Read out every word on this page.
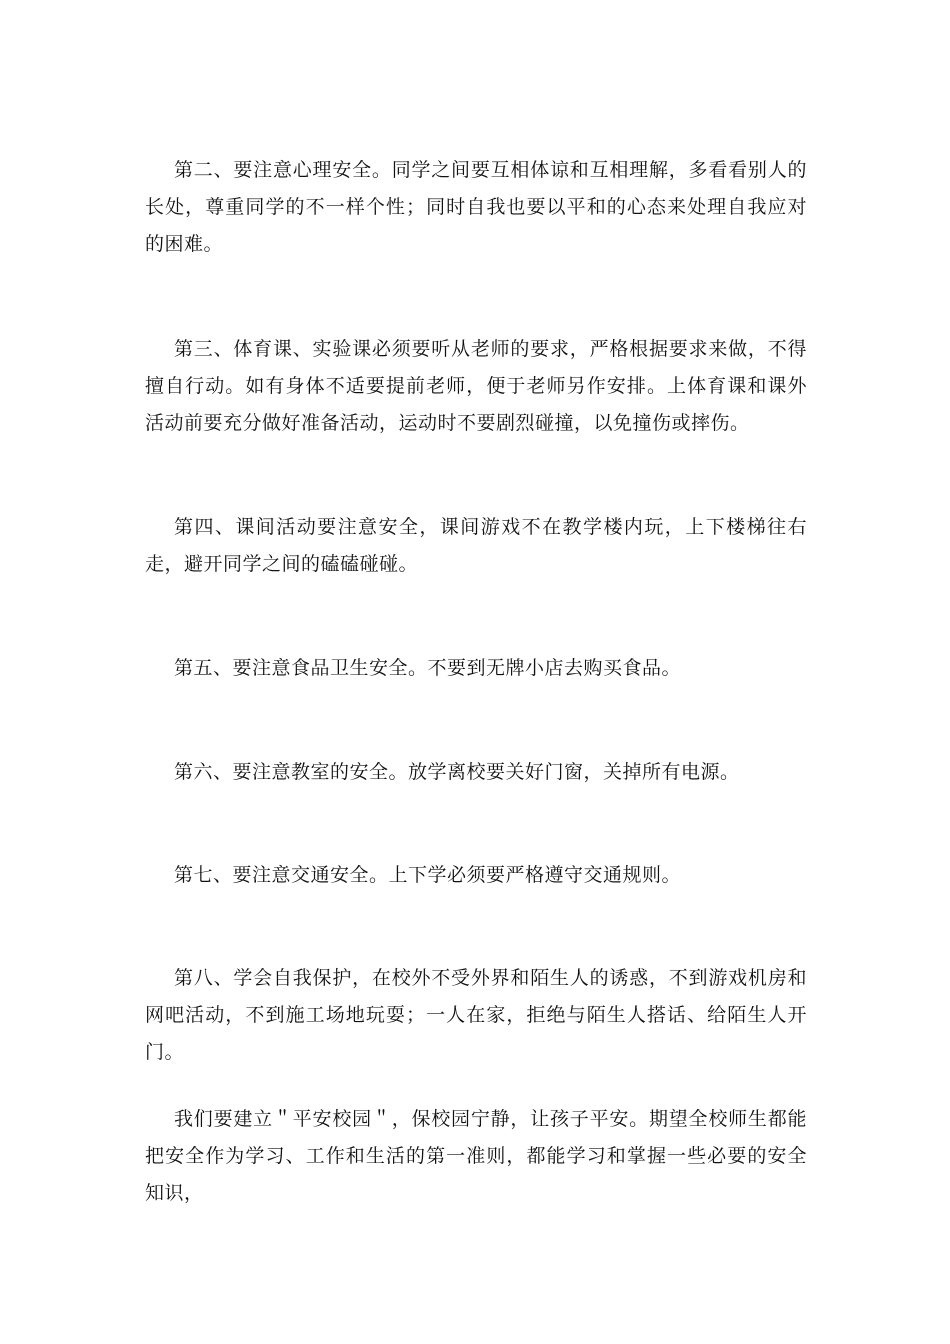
第二、要注意心理安全。同学之间要互相体谅和互相理解，多看看别人的长处，尊重同学的不一样个性；同时自我也要以平和的心态来处理自我应对的困难。

第三、体育课、实验课必须要听从老师的要求，严格根据要求来做，不得擅自行动。如有身体不适要提前老师，便于老师另作安排。上体育课和课外活动前要充分做好准备活动，运动时不要剧烈碰撞，以免撞伤或摔伤。

第四、课间活动要注意安全，课间游戏不在教学楼内玩，上下楼梯往右走，避开同学之间的磕磕碰碰。

第五、要注意食品卫生安全。不要到无牌小店去购买食品。

第六、要注意教室的安全。放学离校要关好门窗，关掉所有电源。

第七、要注意交通安全。上下学必须要严格遵守交通规则。

第八、学会自我保护，在校外不受外界和陌生人的诱惑，不到游戏机房和网吧活动，不到施工场地玩耍；一人在家，拒绝与陌生人搭话、给陌生人开门。

我们要建立＂平安校园＂，保校园宁静，让孩子平安。期望全校师生都能把安全作为学习、工作和生活的第一准则，都能学习和掌握一些必要的安全知识，
